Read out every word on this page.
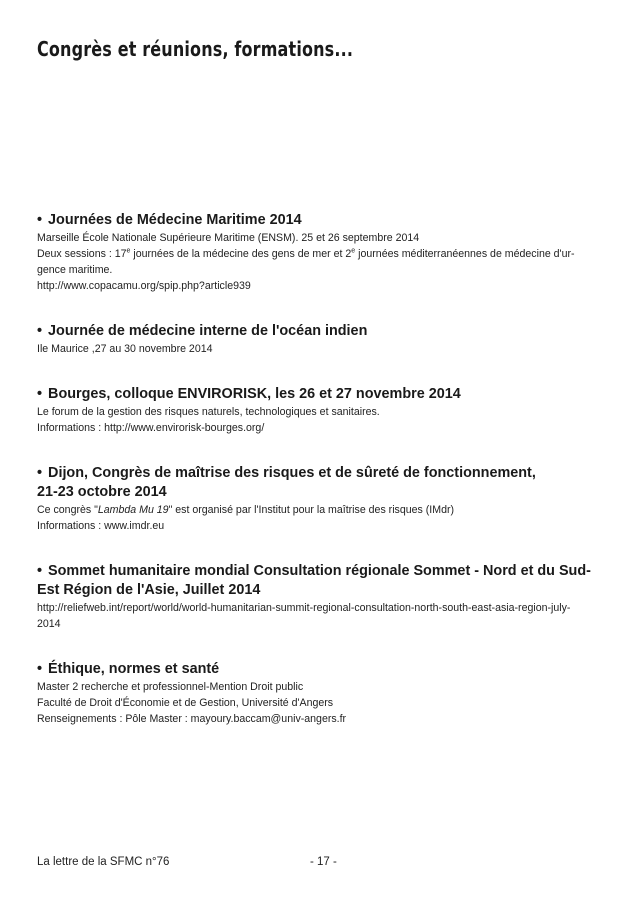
Congrès et réunions, formations...

• Journées de Médecine Maritime 2014

Marseille École Nationale Supérieure Maritime (ENSM). 25 et 26 septembre 2014

Deux sessions : 17e journées de la médecine des gens de mer et 2e journées méditerranéennes de médecine d'ur-

gence maritime.

http://www.copacamu.org/spip.php?article939

• Journée de médecine interne de l'océan indien

Ile Maurice ,27 au 30 novembre 2014

• Bourges, colloque ENVIRORISK, les 26 et 27 novembre 2014

Le forum de la gestion des risques naturels, technologiques et sanitaires.

Informations : http://www.envirorisk-bourges.org/

• Dijon, Congrès de maîtrise des risques et de sûreté de fonctionnement,
21-23 octobre 2014

Ce congrès "Lambda Mu 19" est organisé par l'Institut pour la maîtrise des risques (IMdr)

Informations : www.imdr.eu

• Sommet humanitaire mondial Consultation régionale Sommet - Nord et du Sud-
Est Région de l'Asie, Juillet 2014

http://reliefweb.int/report/world/world-humanitarian-summit-regional-consultation-north-south-east-asia-region-july-

2014

• Éthique, normes et santé

Master 2 recherche et professionnel-Mention Droit public

Faculté de Droit d'Économie et de Gestion, Université d'Angers

Renseignements : Pôle Master : mayoury.baccam@univ-angers.fr

La lettre de la SFMC n°76	- 17 -
